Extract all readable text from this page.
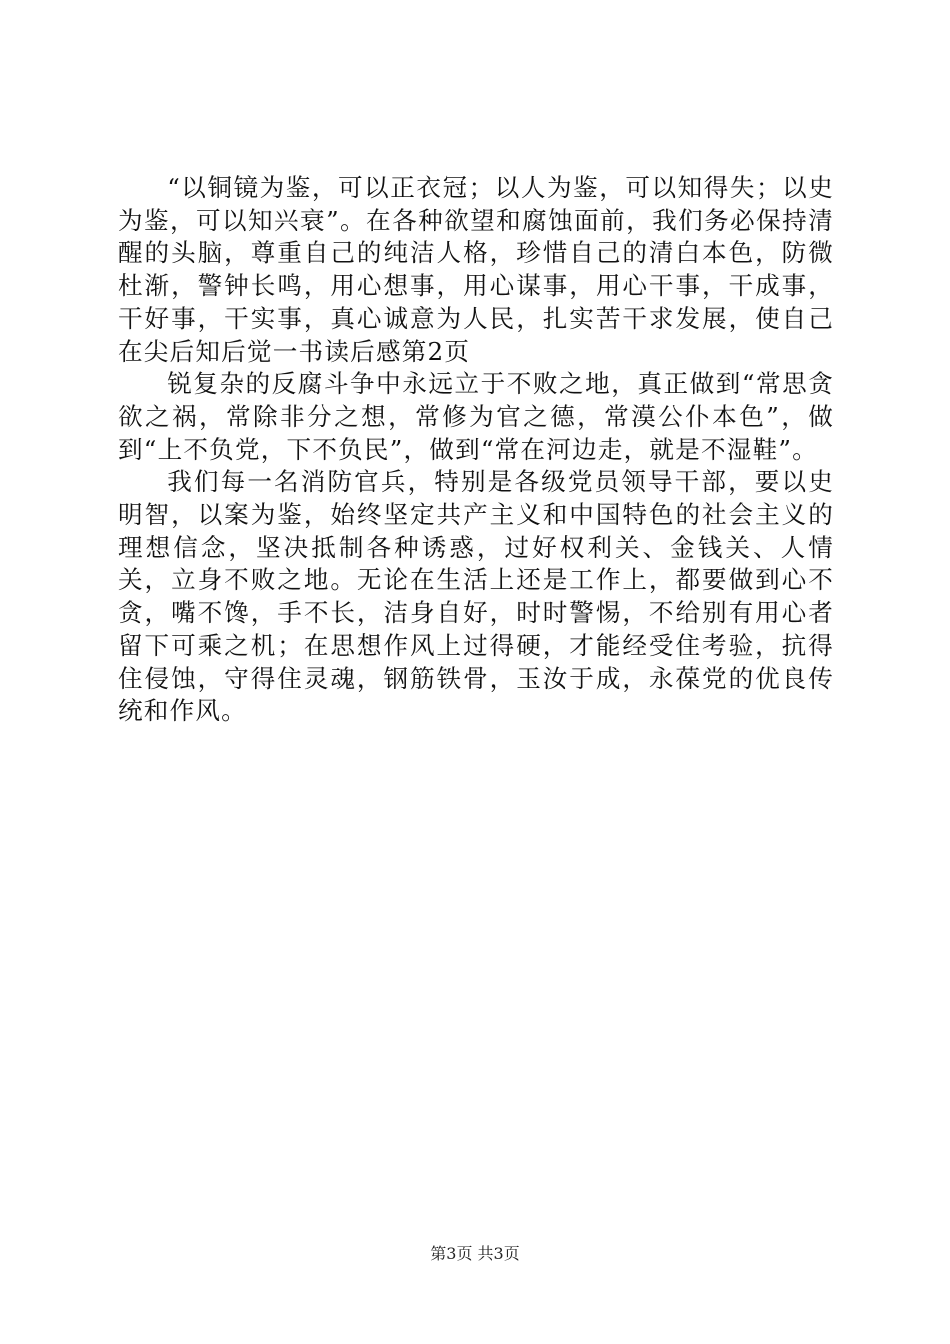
“以铜镜为鉴，可以正衣冠；以人为鉴，可以知得失；以史为鉴，可以知兴衰”。在各种欲望和腐蚀面前，我们务必保持清醒的头脑，尊重自己的纯洁人格，珍惜自己的清白本色，防微杜渐，警钟长鸣，用心想事，用心谋事，用心干事，干成事，干好事，干实事，真心诚意为人民，扎实苦干求发展，使自己在尖后知后觉一书读后感第2页

锐复杂的反腐斗争中永远立于不败之地，真正做到“常思贪欲之祸，常除非分之想，常修为官之德，常漠公仆本色”，做到“上不负党，下不负民”，做到“常在河边走，就是不湿鞋”。

我们每一名消防官兵，特别是各级党员领导干部，要以史明智，以案为鉴，始终坚定共产主义和中国特色的社会主义的理想信念，坚决抵制各种诱惑，过好权利关、金钱关、人情关，立身不败之地。无论在生活上还是工作上，都要做到心不贪，嘴不馋，手不长，洁身自好，时时警惕，不给别有用心者留下可乘之机；在思想作风上过得硬，才能经受住考验，抗得住侵蚀，守得住灵魂，钢筋铁骨，玉汝于成，永葆党的优良传统和作风。

第3页 共3页
